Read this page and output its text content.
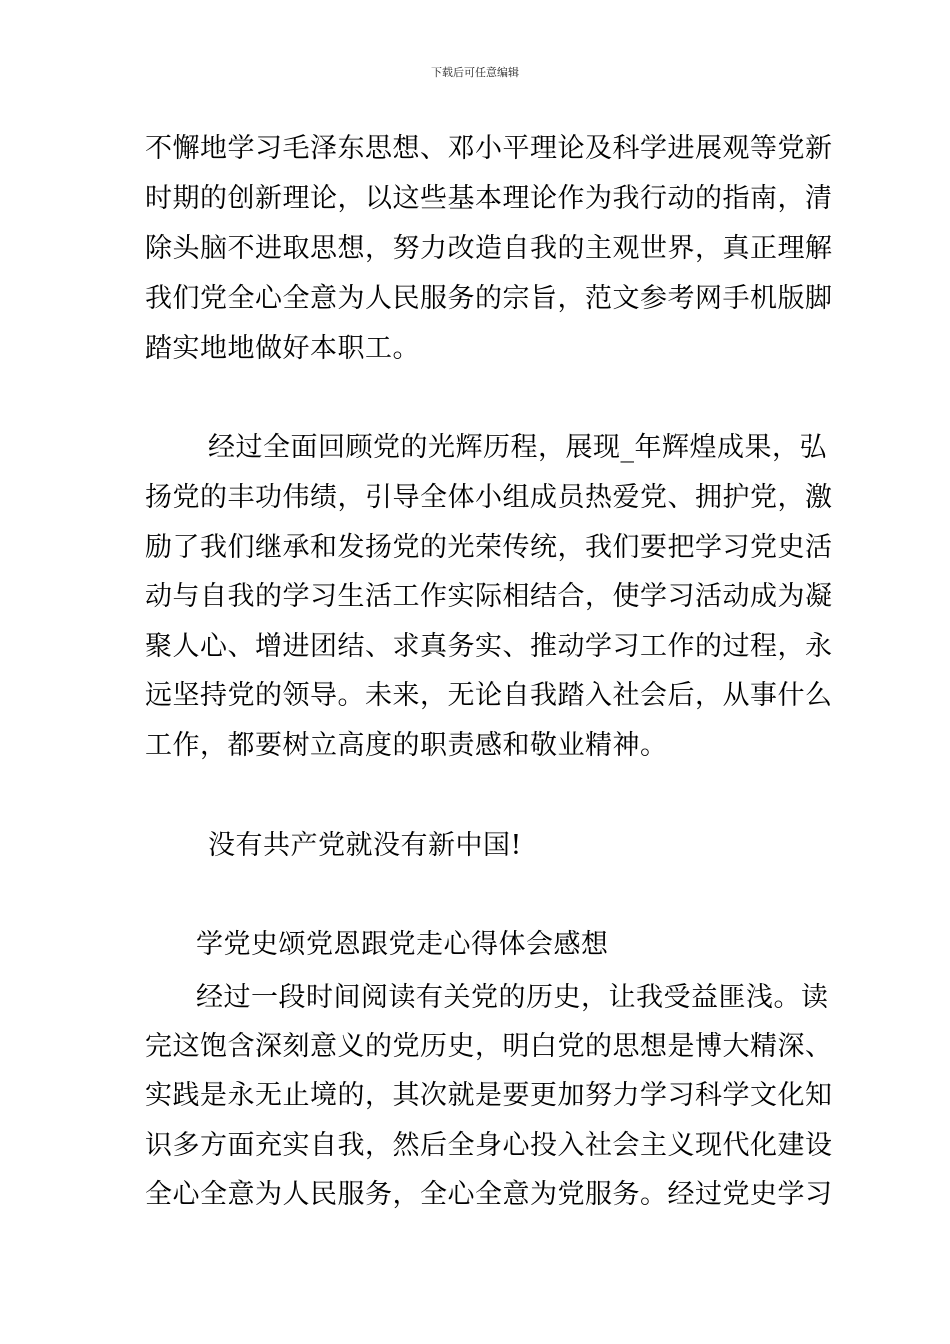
下载后可任意编辑
不懈地学习毛泽东思想、邓小平理论及科学进展观等党新
时期的创新理论，以这些基本理论作为我行动的指南，清
除头脑不进取思想，努力改造自我的主观世界，真正理解
我们党全心全意为人民服务的宗旨，范文参考网手机版脚
踏实地地做好本职工。
经过全面回顾党的光辉历程，展现_年辉煌成果，弘
扬党的丰功伟绩，引导全体小组成员热爱党、拥护党，激
励了我们继承和发扬党的光荣传统，我们要把学习党史活
动与自我的学习生活工作实际相结合，使学习活动成为凝
聚人心、增进团结、求真务实、推动学习工作的过程，永
远坚持党的领导。未来，无论自我踏入社会后，从事什么
工作，都要树立高度的职责感和敬业精神。
没有共产党就没有新中国!
学党史颂党恩跟党走心得体会感想
经过一段时间阅读有关党的历史，让我受益匪浅。读
完这饱含深刻意义的党历史，明白党的思想是博大精深、
实践是永无止境的，其次就是要更加努力学习科学文化知
识多方面充实自我，然后全身心投入社会主义现代化建设
全心全意为人民服务，全心全意为党服务。经过党史学习
